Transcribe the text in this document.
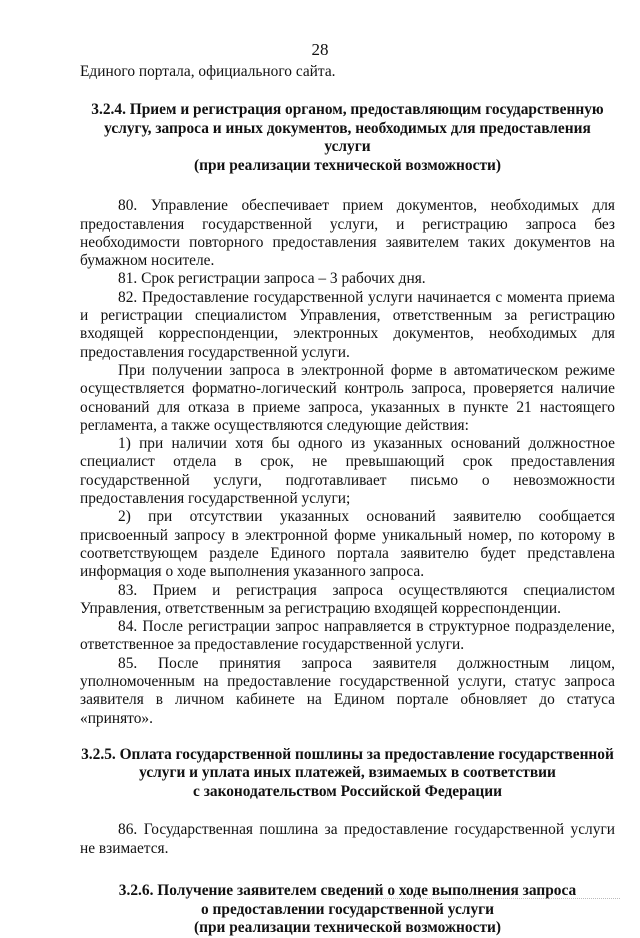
28

Единого портала, официального сайта.

3.2.4. Прием и регистрация органом, предоставляющим государственную
услугу, запроса и иных документов, необходимых для предоставления услуги
(при реализации технической возможности)

80. Управление обеспечивает прием документов, необходимых для предоставления государственной услуги, и регистрацию запроса без необходимости повторного предоставления заявителем таких документов на бумажном носителе.

81. Срок регистрации запроса – 3 рабочих дня.

82. Предоставление государственной услуги начинается с момента приема и регистрации специалистом Управления, ответственным за регистрацию входящей корреспонденции, электронных документов, необходимых для предоставления государственной услуги.

При получении запроса в электронной форме в автоматическом режиме осуществляется форматно-логический контроль запроса, проверяется наличие оснований для отказа в приеме запроса, указанных в пункте 21 настоящего регламента, а также осуществляются следующие действия:

1) при наличии хотя бы одного из указанных оснований должностное специалист отдела в срок, не превышающий срок предоставления государственной услуги, подготавливает письмо о невозможности предоставления государственной услуги;

2) при отсутствии указанных оснований заявителю сообщается присвоенный запросу в электронной форме уникальный номер, по которому в соответствующем разделе Единого портала заявителю будет представлена информация о ходе выполнения указанного запроса.

83. Прием и регистрация запроса осуществляются специалистом Управления, ответственным за регистрацию входящей корреспонденции.

84. После регистрации запрос направляется в структурное подразделение, ответственное за предоставление государственной услуги.

85. После принятия запроса заявителя должностным лицом, уполномоченным на предоставление государственной услуги, статус запроса заявителя в личном кабинете на Едином портале обновляет до статуса «принято».

3.2.5. Оплата государственной пошлины за предоставление государственной
услуги и уплата иных платежей, взимаемых в соответствии
с законодательством Российской Федерации

86. Государственная пошлина за предоставление государственной услуги не взимается.

3.2.6. Получение заявителем сведений о ходе выполнения запроса
о предоставлении государственной услуги
(при реализации технической возможности)
